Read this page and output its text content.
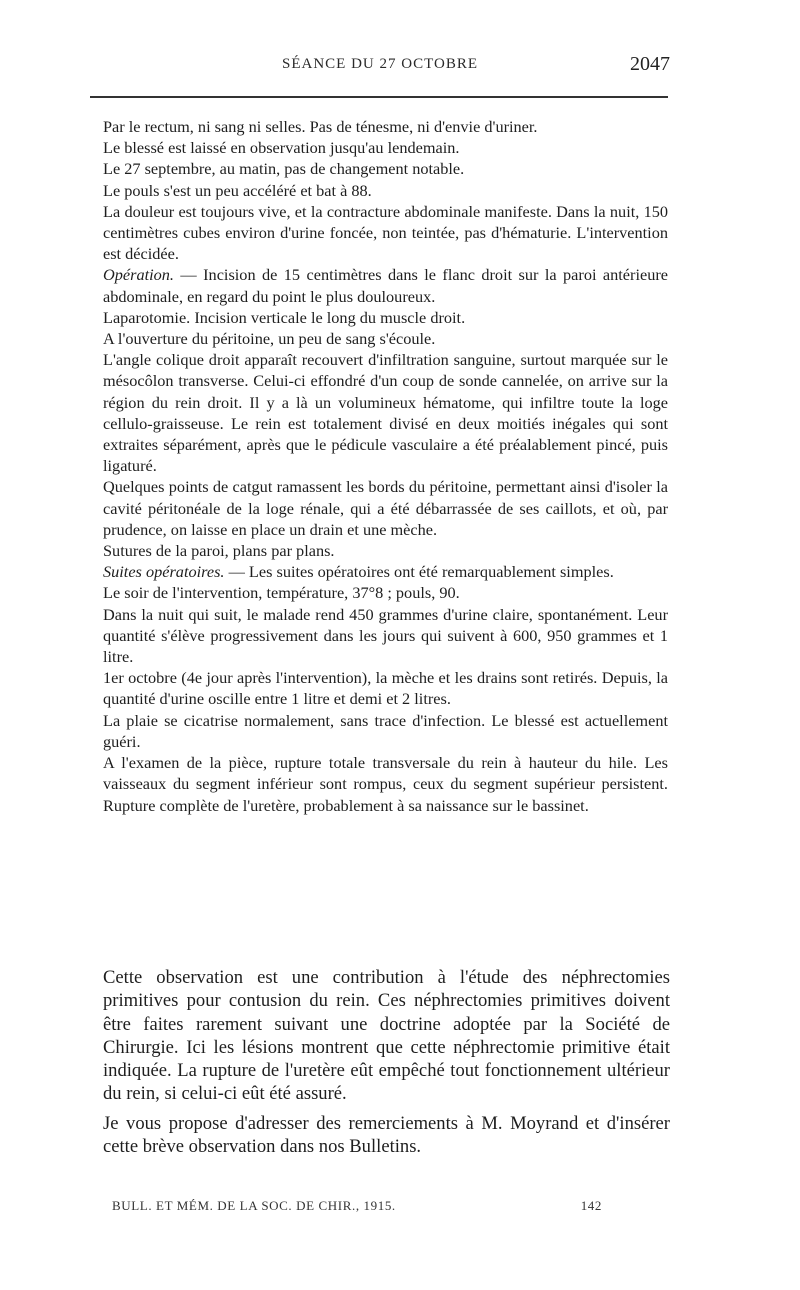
SÉANCE DU 27 OCTOBRE	2047

Par le rectum, ni sang ni selles. Pas de ténesme, ni d'envie d'uriner.

Le blessé est laissé en observation jusqu'au lendemain.

Le 27 septembre, au matin, pas de changement notable.

Le pouls s'est un peu accéléré et bat à 88.

La douleur est toujours vive, et la contracture abdominale manifeste. Dans la nuit, 150 centimètres cubes environ d'urine foncée, non teintée, pas d'hématurie. L'intervention est décidée.

Opération. — Incision de 15 centimètres dans le flanc droit sur la paroi antérieure abdominale, en regard du point le plus douloureux.

Laparotomie. Incision verticale le long du muscle droit.

A l'ouverture du péritoine, un peu de sang s'écoule.

L'angle colique droit apparaît recouvert d'infiltration sanguine, surtout marquée sur le mésocôlon transverse. Celui-ci effondré d'un coup de sonde cannelée, on arrive sur la région du rein droit. Il y a là un volumineux hématome, qui infiltre toute la loge cellulo-graisseuse. Le rein est totalement divisé en deux moitiés inégales qui sont extraites séparément, après que le pédicule vasculaire a été préalablement pincé, puis ligaturé.

Quelques points de catgut ramassent les bords du péritoine, permettant ainsi d'isoler la cavité péritonéale de la loge rénale, qui a été débarrassée de ses caillots, et où, par prudence, on laisse en place un drain et une mèche.

Sutures de la paroi, plans par plans.

Suites opératoires. — Les suites opératoires ont été remarquablement simples.

Le soir de l'intervention, température, 37°8 ; pouls, 90.

Dans la nuit qui suit, le malade rend 450 grammes d'urine claire, spontanément. Leur quantité s'élève progressivement dans les jours qui suivent à 600, 950 grammes et 1 litre.

1er octobre (4e jour après l'intervention), la mèche et les drains sont retirés. Depuis, la quantité d'urine oscille entre 1 litre et demi et 2 litres.

La plaie se cicatrise normalement, sans trace d'infection. Le blessé est actuellement guéri.

A l'examen de la pièce, rupture totale transversale du rein à hauteur du hile. Les vaisseaux du segment inférieur sont rompus, ceux du segment supérieur persistent. Rupture complète de l'uretère, probablement à sa naissance sur le bassinet.

Cette observation est une contribution à l'étude des néphrectomies primitives pour contusion du rein. Ces néphrectomies primitives doivent être faites rarement suivant une doctrine adoptée par la Société de Chirurgie. Ici les lésions montrent que cette néphrectomie primitive était indiquée. La rupture de l'uretère eût empêché tout fonctionnement ultérieur du rein, si celui-ci eût été assuré.

Je vous propose d'adresser des remerciements à M. Moyrand et d'insérer cette brève observation dans nos Bulletins.

BULL. ET MÉM. DE LA SOC. DE CHIR., 1915.	142
